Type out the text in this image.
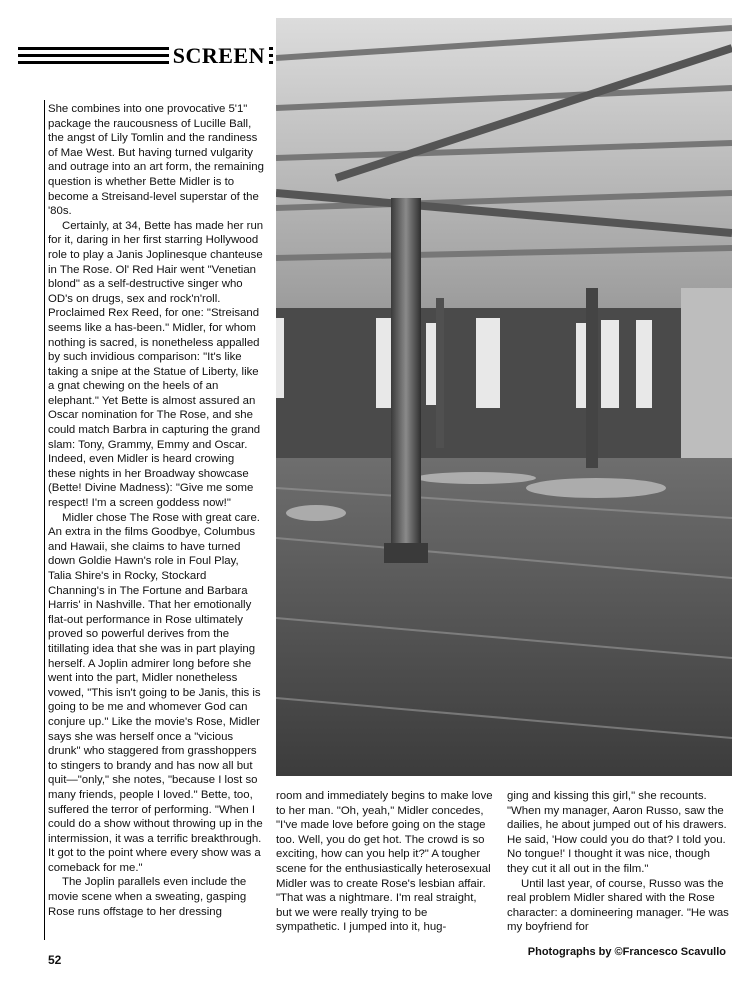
SCREEN

She combines into one provocative 5'1" package the raucousness of Lucille Ball, the angst of Lily Tomlin and the randiness of Mae West. But having turned vulgarity and outrage into an art form, the remaining question is whether Bette Midler is to become a Streisand-level superstar of the '80s.

Certainly, at 34, Bette has made her run for it, daring in her first starring Hollywood role to play a Janis Joplinesque chanteuse in The Rose. Ol' Red Hair went "Venetian blond" as a self-destructive singer who OD's on drugs, sex and rock'n'roll. Proclaimed Rex Reed, for one: "Streisand seems like a has-been." Midler, for whom nothing is sacred, is nonetheless appalled by such invidious comparison: "It's like taking a snipe at the Statue of Liberty, like a gnat chewing on the heels of an elephant." Yet Bette is almost assured an Oscar nomination for The Rose, and she could match Barbra in capturing the grand slam: Tony, Grammy, Emmy and Oscar. Indeed, even Midler is heard crowing these nights in her Broadway showcase (Bette! Divine Madness): "Give me some respect! I'm a screen goddess now!"

Midler chose The Rose with great care. An extra in the films Goodbye, Columbus and Hawaii, she claims to have turned down Goldie Hawn's role in Foul Play, Talia Shire's in Rocky, Stockard Channing's in The Fortune and Barbara Harris' in Nashville. That her emotionally flat-out performance in Rose ultimately proved so powerful derives from the titillating idea that she was in part playing herself. A Joplin admirer long before she went into the part, Midler nonetheless vowed, "This isn't going to be Janis, this is going to be me and whomever God can conjure up." Like the movie's Rose, Midler says she was herself once a "vicious drunk" who staggered from grasshoppers to stingers to brandy and has now all but quit—"only," she notes, "because I lost so many friends, people I loved." Bette, too, suffered the terror of performing. "When I could do a show without throwing up in the intermission, it was a terrific breakthrough. It got to the point where every show was a comeback for me."

The Joplin parallels even include the movie scene when a sweating, gasping Rose runs offstage to her dressing

room and immediately begins to make love to her man. "Oh, yeah," Midler concedes, "I've made love before going on the stage too. Well, you do get hot. The crowd is so exciting, how can you help it?" A tougher scene for the enthusiastically heterosexual Midler was to create Rose's lesbian affair. "That was a nightmare. I'm real straight, but we were really trying to be sympathetic. I jumped into it, hug-

ging and kissing this girl," she recounts. "When my manager, Aaron Russo, saw the dailies, he about jumped out of his drawers. He said, 'How could you do that? I told you. No tongue!' I thought it was nice, though they cut it all out in the film."

Until last year, of course, Russo was the real problem Midler shared with the Rose character: a domineering manager. "He was my boyfriend for

52
Photographs by ©Francesco Scavullo
